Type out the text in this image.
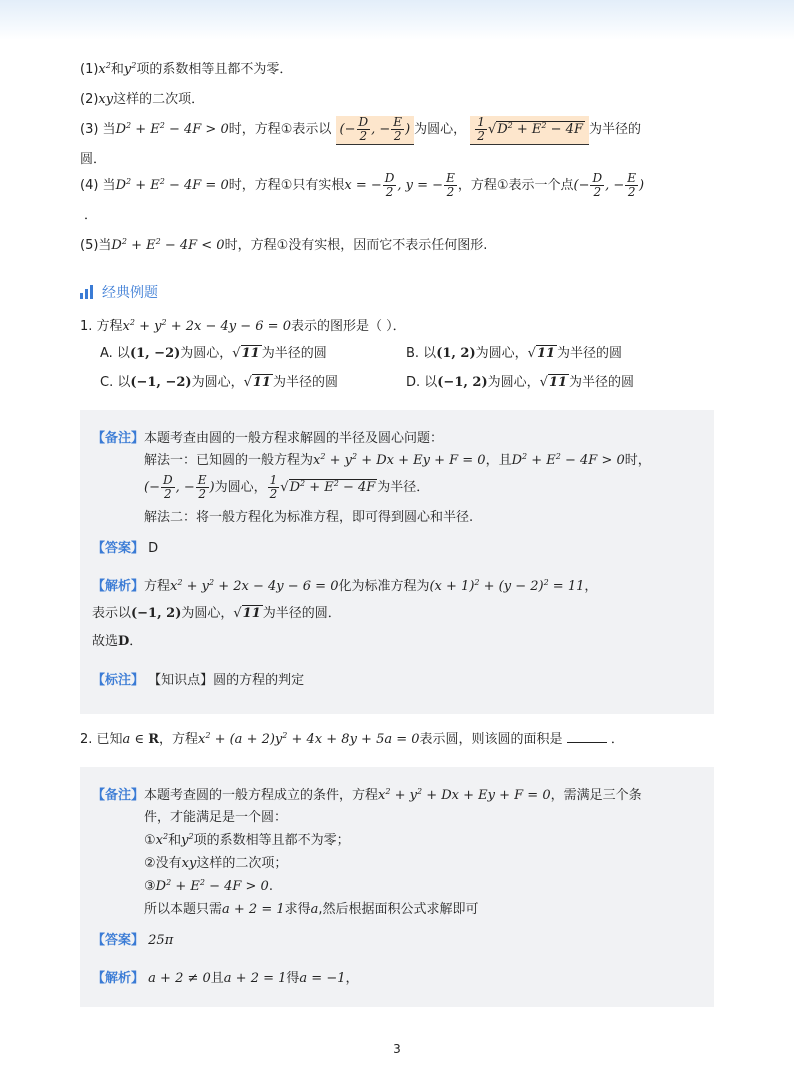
$(1)x^2$和$y^2$项的系数相等且都不为零．
(2)xy这样的二次项．
(3) 当$D^2 + E^2 - 4F > 0$时，方程①表示以 (− $\frac{D}{2}$ , − $\frac{E}{2}$ ) 为圆心， $\frac{1}{2} √D^2 + E^2 - 4F$ 为半径的
圆．
(4) 当$D^2 + E^2 - 4F = 0$时，方程①只有实根x = − $\frac{D}{2}$ , y = − $\frac{E}{2}$ ，方程①表示一个点(− $\frac{D}{2}$ , − $\frac{E}{2}$ )
．
(5)当$D^2 + E^2 - 4F < 0$时，方程①没有实根，因而它不表示任何图形.
经典例题
1. 方程$x^2 + y^2 + 2x - 4y - 6 = 0$表示的图形是（ ）．
A. 以(1, −2)为圆心，√11 为半径的圆	B. 以(1, 2)为圆心，√11 为半径的圆
C. 以(−1, −2)为圆心，√11 为半径的圆	D. 以(−1, 2)为圆心，√11 为半径的圆
【备注】本题考查由圆的一般方程求解圆的半径及圆心问题：
解法一：已知圆的一般方程为$x^2 + y^2 + Dx + Ey + F = 0$，且$D^2 + E^2 - 4F > 0$时，
(− $\frac{D}{2}$ , − $\frac{E}{2}$ )为圆心， $\frac{1}{2} √D^2 + E^2 - 4F$ 为半径．
解法二：将一般方程化为标准方程，即可得到圆心和半径.
【答案】 D
【解析】方程$x^2 + y^2 + 2x - 4y - 6 = 0$化为标准方程为$(x + 1)^2 + (y - 2)^2 = 11$，
表示以(−1, 2)为圆心，√11 为半径的圆．
故选D．
【标注】 【知识点】圆的方程的判定
2. 已知a ∈ R，方程$x^2 + (a + 2)y^2 + 4x + 8y + 5a = 0$表示圆，则该圆的面积是	．
【备注】本题考查圆的一般方程成立的条件，方程$x^2 + y^2 + Dx + Ey + F = 0$，需满足三个条
件，才能满足是一个圆：
$①x^2$和$y^2$项的系数相等且都不为零；
②没有xy这样的二次项；
$③D^2 + E^2 - 4F > 0$.
所以本题只需a + 2 = 1求得a,然后根据面积公式求解即可
【答案】 25π
【解析】 a + 2 ≠ 0且a + 2 = 1得a = −1，
3
